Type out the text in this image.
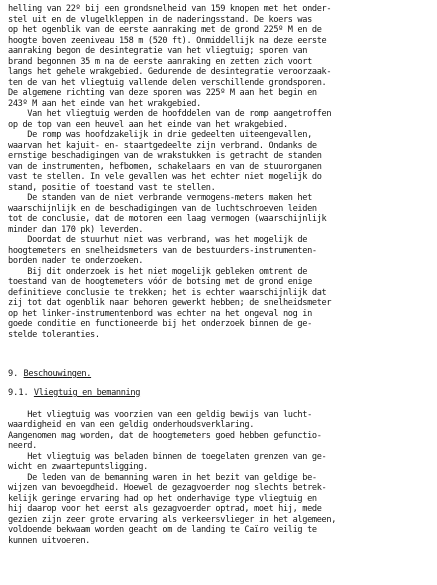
helling van 22º bij een grondsnelheid van 159 knopen met het onder-
stel uit en de vlugelkleppen in de naderingsstand. De koers was
op het ogenblik van de eerste aanraking met de grond 225º M en de
hoogte boven zeeniveau 158 m (520 ft). Onmiddellijk na deze eerste
aanraking begon de desintegratie van het vliegtuig; sporen van
brand begonnen 35 m na de eerste aanraking en zetten zich voort
langs het gehele wrakgebied. Gedurende de desintegratie veroorzaak-
ten de van het vliegtuig vallende delen verschillende grondsporen.
De algemene richting van deze sporen was 225º M aan het begin en
243º M aan het einde van het wrakgebied.
Van het vliegtuig werden de hoofddelen van de romp aangetroffen
op de top van een heuvel aan het einde van het wrakgebied.
De romp was hoofdzakelijk in drie gedeelten uiteengevallen,
waarvan het kajuit- en- staartgedeelte zijn verbrand. Ondanks de
ernstige beschadigingen van de wrakstukken is getracht de standen
van de instrumenten, hefbomen, schakelaars en van de stuurorganen
vast te stellen. In vele gevallen was het echter niet mogelijk do
stand, positie of toestand vast te stellen.
De standen van de niet verbrande vermogens-meters maken het
waarschijnlijk en de beschadigingen van de luchtschroeven leiden
tot de conclusie, dat de motoren een laag vermogen (waarschijnlijk
minder dan 170 pk) leverden.
Doordat de stuurhut niet was verbrand, was het mogelijk de
hoogtemeters en snelheidsmeters van de bestuurders-instrumenten-
borden nader te onderzoeken.
Bij dit onderzoek is het niet mogelijk gebleken omtrent de
toestand van de hoogtemeters vóór de botsing met de grond enige
definitieve conclusie te trekken; het is echter waarschijnlijk dat
zij tot dat ogenblik naar behoren gewerkt hebben; de snelheidsmeter
op het linker-instrumentenbord was echter na het ongeval nog in
goede conditie en functioneerde bij het onderzoek binnen de ge-
stelde toleranties.
9. Beschouwingen.
9.1. Vliegtuig en bemanning
Het vliegtuig was voorzien van een geldig bewijs van lucht-
waardigheid en van een geldig onderhoudsverklaring.
Aangenomen mag worden, dat de hoogtemeters goed hebben gefunctio-
neerd.
Het vliegtuig was beladen binnen de toegelaten grenzen van ge-
wicht en zwaartepuntsligging.
De leden van de bemanning waren in het bezit van geldige be-
wijzen van bevoegdheid. Hoewel de gezagvoerder nog slechts betrek-
kelijk geringe ervaring had op het onderhavige type vliegtuig en
hij daarop voor het eerst als gezagvoerder optrad, moet hij, mede
gezien zijn zeer grote ervaring als verkeersvlieger in het algemeen,
voldoende bekwaam worden geacht om de landing te Caïro veilig te
kunnen uitvoeren.
